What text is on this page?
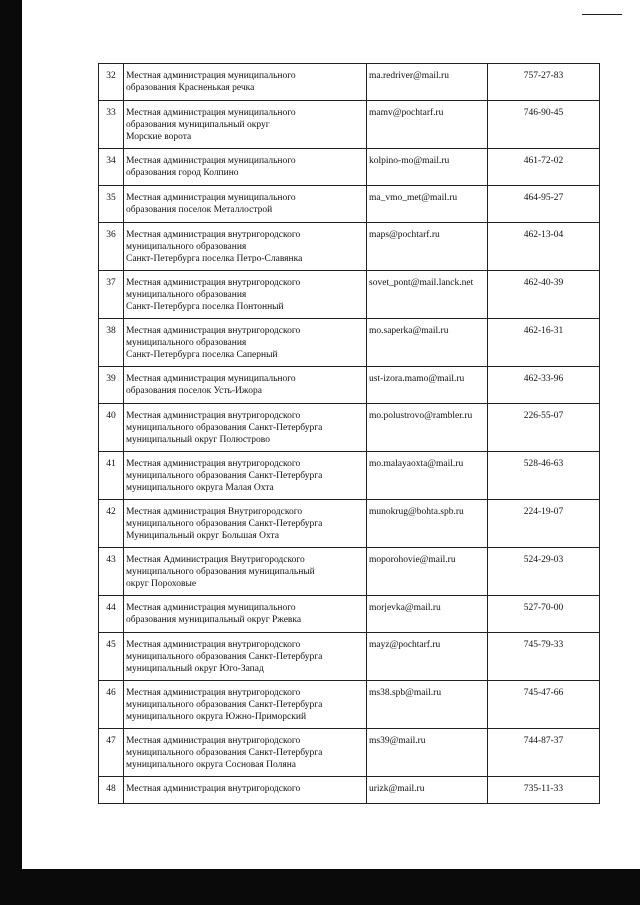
32	Местная администрация муниципального
образования Красненькая речка	ma.redriver@mail.ru	757-27-83
33	Местная администрация муниципального
образования муниципальный округ
Морские ворота	mamv@pochtarf.ru	746-90-45
34	Местная администрация муниципального
образования город Колпино	kolpino-mo@mail.ru	461-72-02
35	Местная администрация муниципального
образования поселок Металлострой	ma_vmo_met@mail.ru	464-95-27
36	Местная администрация внутригородского
муниципального образования
Санкт-Петербурга поселка Петро-Славянка	maps@pochtarf.ru	462-13-04
37	Местная администрация внутригородского
муниципального образования
Санкт-Петербурга поселка Понтонный	sovet_pont@mail.lanck.net	462-40-39
38	Местная администрация внутригородского
муниципального образования
Санкт-Петербурга поселка Саперный	mo.saperka@mail.ru	462-16-31
39	Местная администрация муниципального
образования поселок Усть-Ижора	ust-izora.mamo@mail.ru	462-33-96
40	Местная администрация внутригородского
муниципального образования Санкт-Петербурга
муниципальный округ Полюстрово	mo.polustrovo@rambler.ru	226-55-07
41	Местная администрация внутригородского
муниципального образования Санкт-Петербурга
муниципального округа Малая Охта	mo.malayaoxta@mail.ru	528-46-63
42	Местная администрация Внутригородского
муниципального образования Санкт-Петербурга
Муниципальный округ Большая Охта	munokrug@bohta.spb.ru	224-19-07
43	Местная Администрация Внутригородского
муниципального образования муниципальный
округ Пороховые	moporohovie@mail.ru	524-29-03
44	Местная администрация муниципального
образования муниципальный округ Ржевка	morjevka@mail.ru	527-70-00
45	Местная администрация внутригородского
муниципального образования Санкт-Петербурга
муниципальный округ Юго-Запад	mayz@pochtarf.ru	745-79-33
46	Местная администрация внутригородского
муниципального образования Санкт-Петербурга
муниципального округа Южно-Приморский	ms38.spb@mail.ru	745-47-66
47	Местная администрация внутригородского
муниципального образования Санкт-Петербурга
муниципального округа Сосновая Поляна	ms39@mail.ru	744-87-37
48	Местная администрация внутригородского	urizk@mail.ru	735-11-33
